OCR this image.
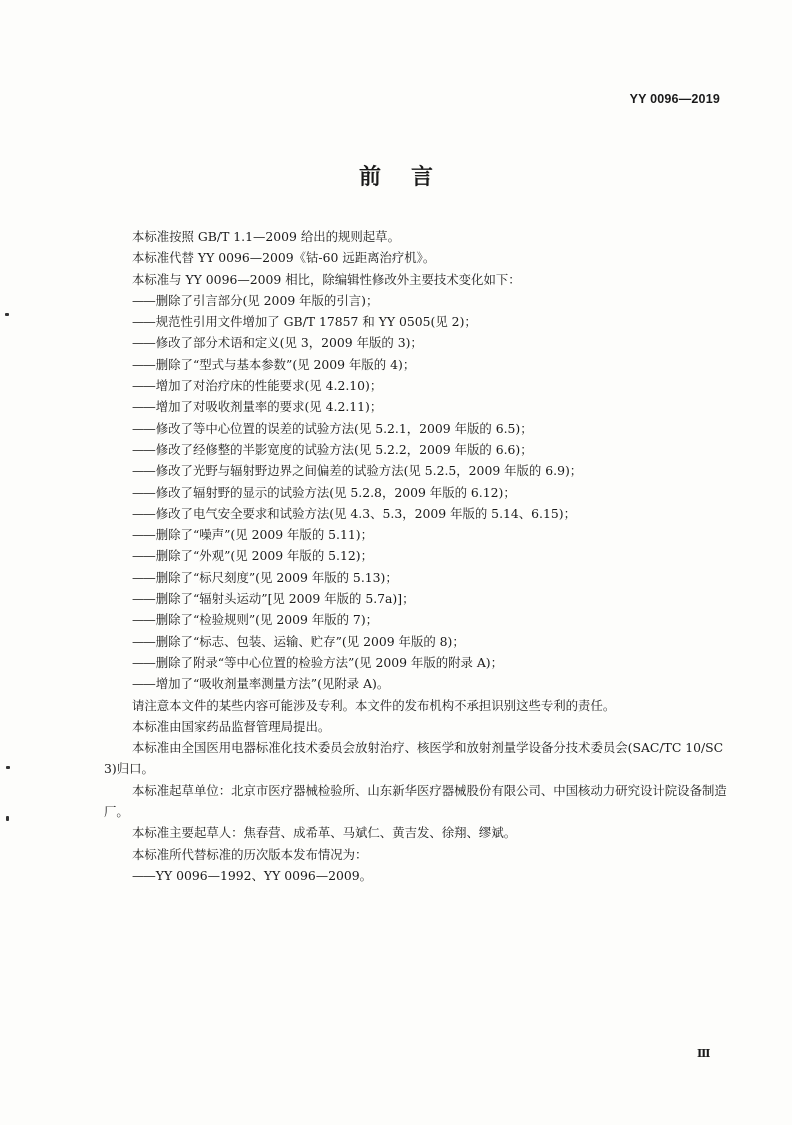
YY 0096—2019
前言

本标准按照 GB/T 1.1—2009 给出的规则起草。

本标准代替 YY 0096—2009《钴-60 远距离治疗机》。

本标准与 YY 0096—2009 相比，除编辑性修改外主要技术变化如下：

——删除了引言部分(见 2009 年版的引言)；

——规范性引用文件增加了 GB/T 17857 和 YY 0505(见 2)；

——修改了部分术语和定义(见 3，2009 年版的 3)；

——删除了“型式与基本参数”(见 2009 年版的 4)；

——增加了对治疗床的性能要求(见 4.2.10)；

——增加了对吸收剂量率的要求(见 4.2.11)；

——修改了等中心位置的误差的试验方法(见 5.2.1，2009 年版的 6.5)；

——修改了经修整的半影宽度的试验方法(见 5.2.2，2009 年版的 6.6)；

——修改了光野与辐射野边界之间偏差的试验方法(见 5.2.5，2009 年版的 6.9)；

——修改了辐射野的显示的试验方法(见 5.2.8，2009 年版的 6.12)；

——修改了电气安全要求和试验方法(见 4.3、5.3，2009 年版的 5.14、6.15)；

——删除了“噪声”(见 2009 年版的 5.11)；

——删除了“外观”(见 2009 年版的 5.12)；

——删除了“标尺刻度”(见 2009 年版的 5.13)；

——删除了“辐射头运动”[见 2009 年版的 5.7a)]；

——删除了“检验规则”(见 2009 年版的 7)；

——删除了“标志、包装、运输、贮存”(见 2009 年版的 8)；

——删除了附录“等中心位置的检验方法”(见 2009 年版的附录 A)；

——增加了“吸收剂量率测量方法”(见附录 A)。

请注意本文件的某些内容可能涉及专利。本文件的发布机构不承担识别这些专利的责任。

本标准由国家药品监督管理局提出。

本标准由全国医用电器标准化技术委员会放射治疗、核医学和放射剂量学设备分技术委员会(SAC/TC 10/SC 3)归口。

本标准起草单位：北京市医疗器械检验所、山东新华医疗器械股份有限公司、中国核动力研究设计院设备制造厂。

本标准主要起草人：焦春营、成希革、马斌仁、黄吉发、徐翔、缪斌。

本标准所代替标准的历次版本发布情况为：

——YY 0096—1992、YY 0096—2009。

Ⅲ
